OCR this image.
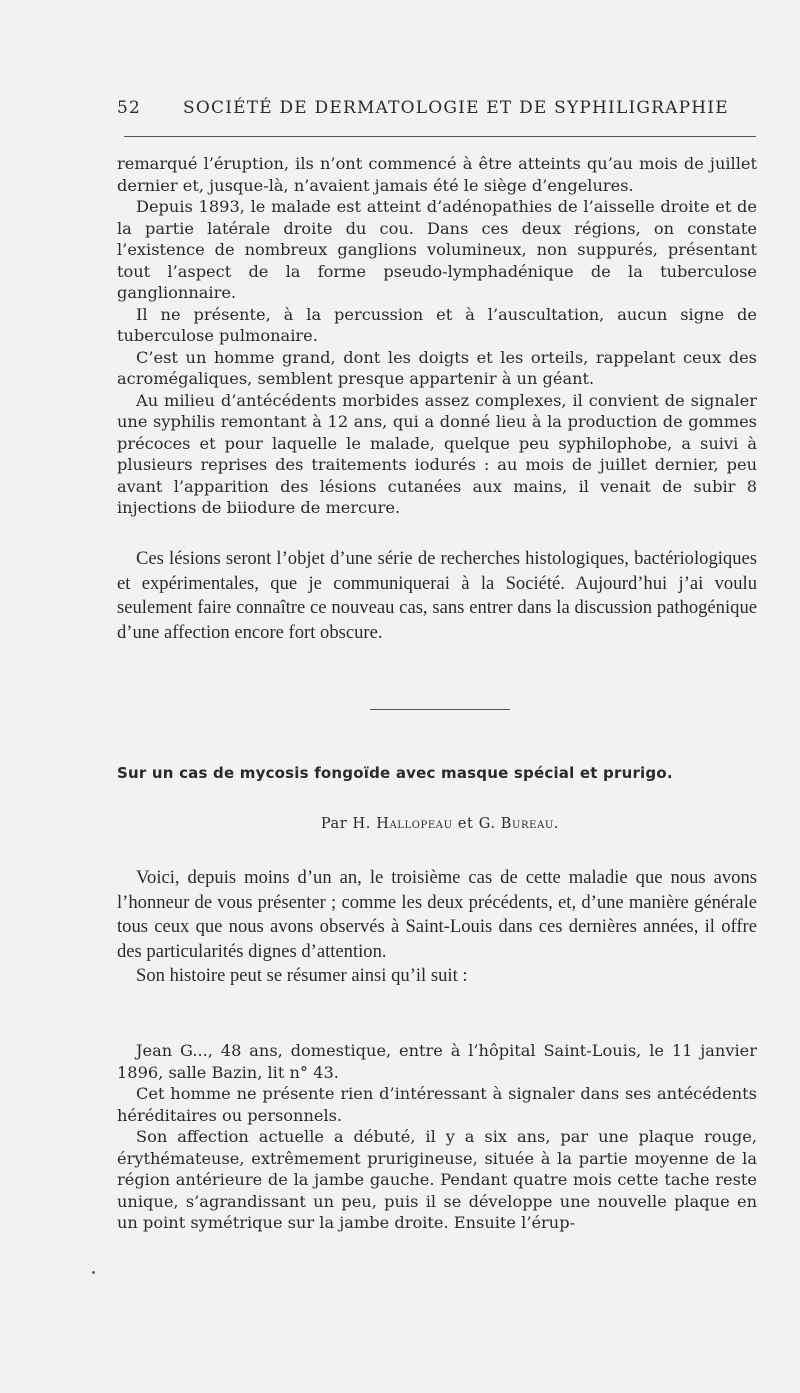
52 SOCIÉTÉ DE DERMATOLOGIE ET DE SYPHILIGRAPHIE

remarqué l’éruption, ils n’ont commencé à être atteints qu’au mois de juillet dernier et, jusque-là, n’avaient jamais été le siège d’engelures.

Depuis 1893, le malade est atteint d’adénopathies de l’aisselle droite et de la partie latérale droite du cou. Dans ces deux régions, on constate l’existence de nombreux ganglions volumineux, non suppurés, présentant tout l’aspect de la forme pseudo-lymphadénique de la tuberculose ganglionnaire.

Il ne présente, à la percussion et à l’auscultation, aucun signe de tuberculose pulmonaire.

C’est un homme grand, dont les doigts et les orteils, rappelant ceux des acromégaliques, semblent presque appartenir à un géant.

Au milieu d’antécédents morbides assez complexes, il convient de signaler une syphilis remontant à 12 ans, qui a donné lieu à la production de gommes précoces et pour laquelle le malade, quelque peu syphilophobe, a suivi à plusieurs reprises des traitements iodurés : au mois de juillet dernier, peu avant l’apparition des lésions cutanées aux mains, il venait de subir 8 injections de biiodure de mercure.

Ces lésions seront l’objet d’une série de recherches histologiques, bactériologiques et expérimentales, que je communiquerai à la Société. Aujourd’hui j’ai voulu seulement faire connaître ce nouveau cas, sans entrer dans la discussion pathogénique d’une affection encore fort obscure.

Sur un cas de mycosis fongoïde avec masque spécial et prurigo.
Par H. Hallopeau et G. Bureau.

Voici, depuis moins d’un an, le troisième cas de cette maladie que nous avons l’honneur de vous présenter ; comme les deux précédents, et, d’une manière générale tous ceux que nous avons observés à Saint-Louis dans ces dernières années, il offre des particularités dignes d’attention.

Son histoire peut se résumer ainsi qu’il suit :

Jean G..., 48 ans, domestique, entre à l’hôpital Saint-Louis, le 11 janvier 1896, salle Bazin, lit n° 43.

Cet homme ne présente rien d’intéressant à signaler dans ses antécédents héréditaires ou personnels.

Son affection actuelle a débuté, il y a six ans, par une plaque rouge, érythémateuse, extrêmement prurigineuse, située à la partie moyenne de la région antérieure de la jambe gauche. Pendant quatre mois cette tache reste unique, s’agrandissant un peu, puis il se développe une nouvelle plaque en un point symétrique sur la jambe droite. Ensuite l’érup-
